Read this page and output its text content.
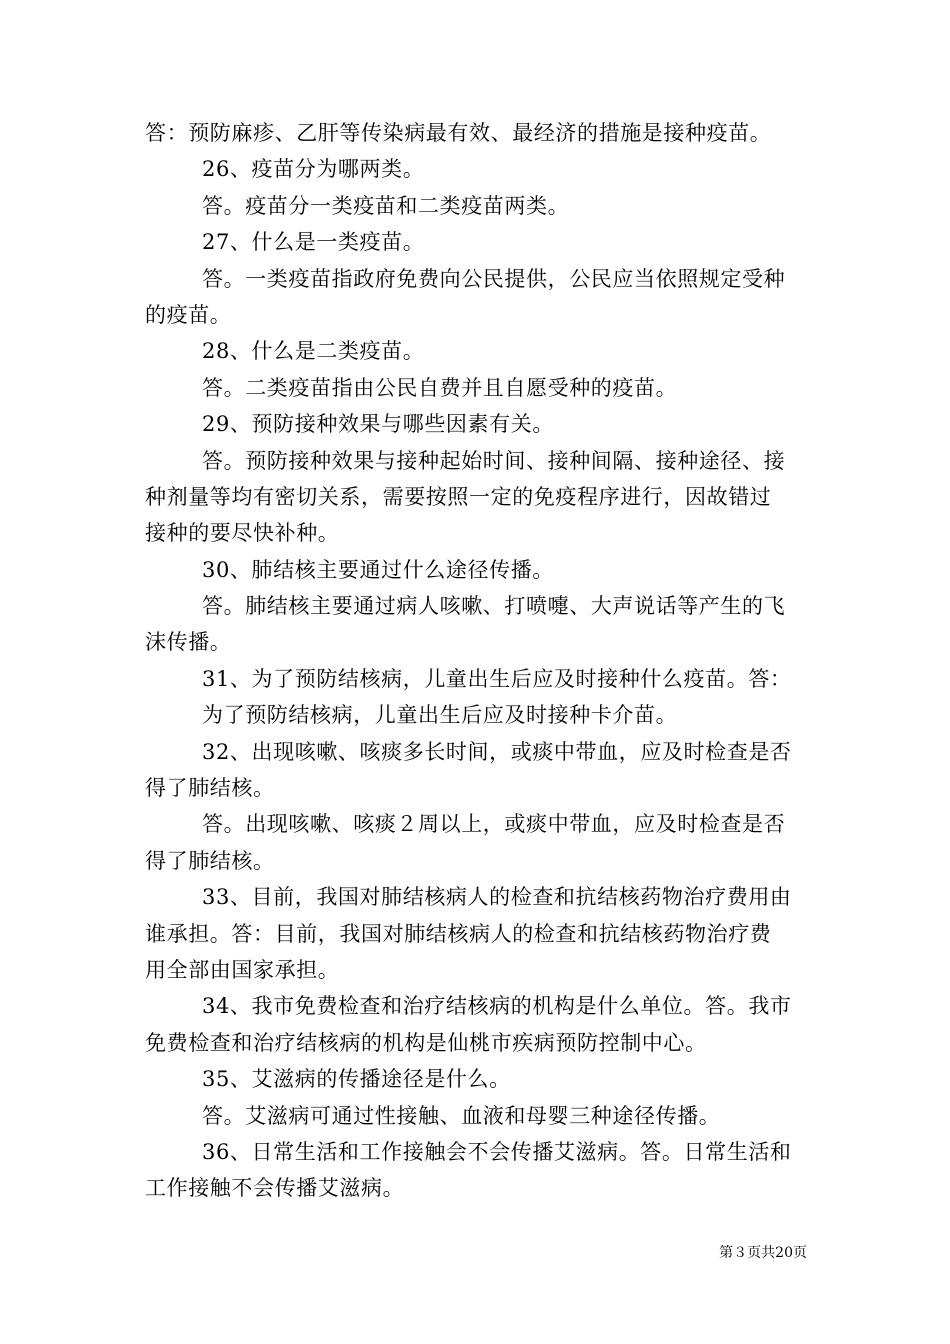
答：预防麻疹、乙肝等传染病最有效、最经济的措施是接种疫苗。
26、疫苗分为哪两类。
答。疫苗分一类疫苗和二类疫苗两类。
27、什么是一类疫苗。
答。一类疫苗指政府免费向公民提供，公民应当依照规定受种
的疫苗。
28、什么是二类疫苗。
答。二类疫苗指由公民自费并且自愿受种的疫苗。
29、预防接种效果与哪些因素有关。
答。预防接种效果与接种起始时间、接种间隔、接种途径、接
种剂量等均有密切关系，需要按照一定的免疫程序进行，因故错过
接种的要尽快补种。
30、肺结核主要通过什么途径传播。
答。肺结核主要通过病人咳嗽、打喷嚏、大声说话等产生的飞
沫传播。
31、为了预防结核病，儿童出生后应及时接种什么疫苗。答：
为了预防结核病，儿童出生后应及时接种卡介苗。
32、出现咳嗽、咳痰多长时间，或痰中带血，应及时检查是否
得了肺结核。
答。出现咳嗽、咳痰２周以上，或痰中带血，应及时检查是否
得了肺结核。
33、目前，我国对肺结核病人的检查和抗结核药物治疗费用由
谁承担。答：目前，我国对肺结核病人的检查和抗结核药物治疗费
用全部由国家承担。
34、我市免费检查和治疗结核病的机构是什么单位。答。我市
免费检查和治疗结核病的机构是仙桃市疾病预防控制中心。
35、艾滋病的传播途径是什么。
答。艾滋病可通过性接触、血液和母婴三种途径传播。
36、日常生活和工作接触会不会传播艾滋病。答。日常生活和
工作接触不会传播艾滋病。
第３页共20页
